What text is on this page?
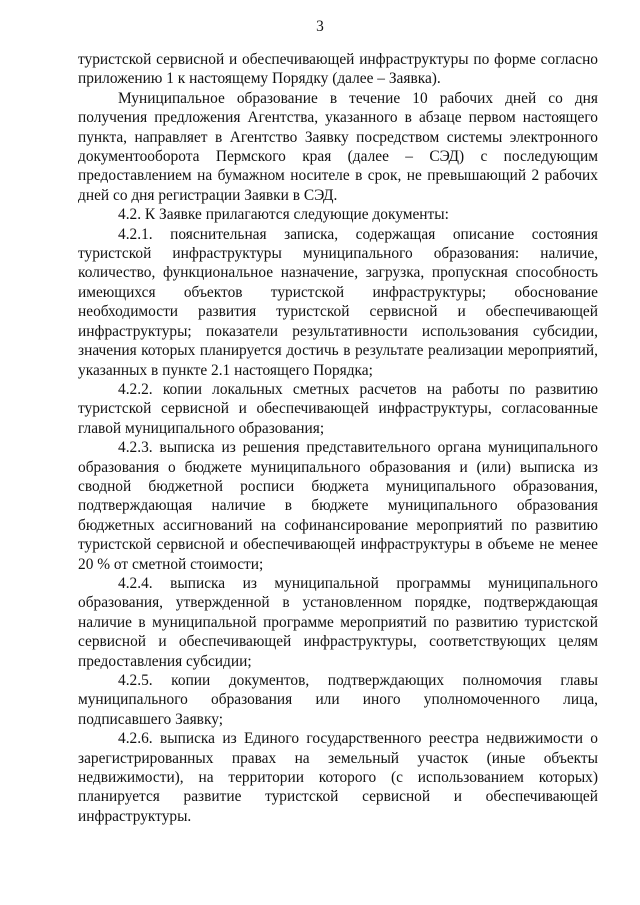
3

туристской сервисной и обеспечивающей инфраструктуры по форме согласно приложению 1 к настоящему Порядку (далее – Заявка).

Муниципальное образование в течение 10 рабочих дней со дня получения предложения Агентства, указанного в абзаце первом настоящего пункта, направляет в Агентство Заявку посредством системы электронного документооборота Пермского края (далее – СЭД) с последующим предоставлением на бумажном носителе в срок, не превышающий 2 рабочих дней со дня регистрации Заявки в СЭД.

4.2. К Заявке прилагаются следующие документы:

4.2.1. пояснительная записка, содержащая описание состояния туристской инфраструктуры муниципального образования: наличие, количество, функциональное назначение, загрузка, пропускная способность имеющихся объектов туристской инфраструктуры; обоснование необходимости развития туристской сервисной и обеспечивающей инфраструктуры; показатели результативности использования субсидии, значения которых планируется достичь в результате реализации мероприятий, указанных в пункте 2.1 настоящего Порядка;

4.2.2. копии локальных сметных расчетов на работы по развитию туристской сервисной и обеспечивающей инфраструктуры, согласованные главой муниципального образования;

4.2.3. выписка из решения представительного органа муниципального образования о бюджете муниципального образования и (или) выписка из сводной бюджетной росписи бюджета муниципального образования, подтверждающая наличие в бюджете муниципального образования бюджетных ассигнований на софинансирование мероприятий по развитию туристской сервисной и обеспечивающей инфраструктуры в объеме не менее 20 % от сметной стоимости;

4.2.4. выписка из муниципальной программы муниципального образования, утвержденной в установленном порядке, подтверждающая наличие в муниципальной программе мероприятий по развитию туристской сервисной и обеспечивающей инфраструктуры, соответствующих целям предоставления субсидии;

4.2.5. копии документов, подтверждающих полномочия главы муниципального образования или иного уполномоченного лица, подписавшего Заявку;

4.2.6. выписка из Единого государственного реестра недвижимости о зарегистрированных правах на земельный участок (иные объекты недвижимости), на территории которого (с использованием которых) планируется развитие туристской сервисной и обеспечивающей инфраструктуры.
